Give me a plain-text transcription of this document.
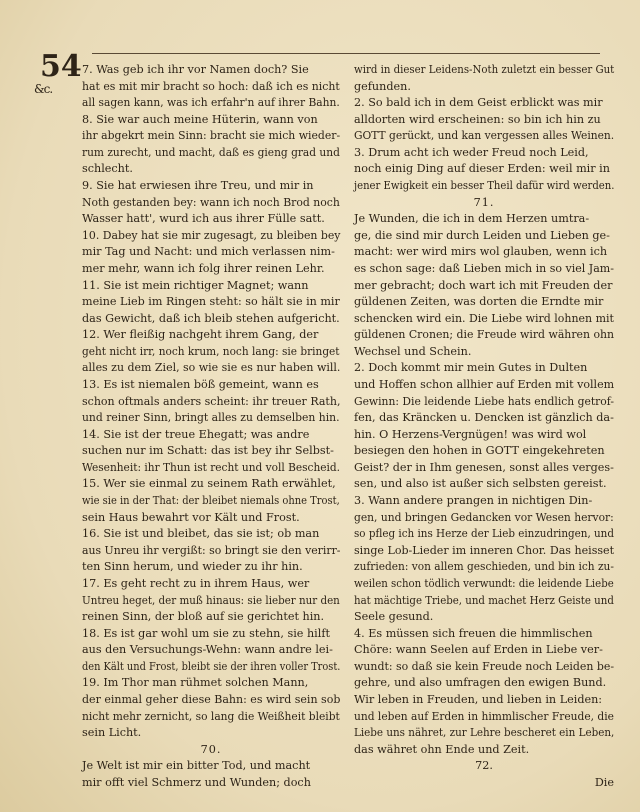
54
&c.
7. Was geb ich ihr vor Namen doch? Sie
hat es mit mir bracht so hoch: daß ich es nicht
all sagen kann, was ich erfahr'n auf ihrer Bahn.
8. Sie war auch meine Hüterin, wann von
ihr abgekrt mein Sinn: bracht sie mich wieder-
rum zurecht, und macht, daß es gieng grad und
schlecht.
9. Sie hat erwiesen ihre Treu, und mir in
Noth gestanden bey: wann ich noch Brod noch
Wasser hatt', wurd ich aus ihrer Fülle satt.
10. Dabey hat sie mir zugesagt, zu bleiben bey
mir Tag und Nacht: und mich verlassen nim-
mer mehr, wann ich folg ihrer reinen Lehr.
11. Sie ist mein richtiger Magnet; wann
meine Lieb im Ringen steht: so hält sie in mir
das Gewicht, daß ich bleib stehen aufgericht.
12. Wer fleißig nachgeht ihrem Gang, der
geht nicht irr, noch krum, noch lang: sie bringet
alles zu dem Ziel, so wie sie es nur haben will.
13. Es ist niemalen böß gemeint, wann es
schon oftmals anders scheint: ihr treuer Rath,
und reiner Sinn, bringt alles zu demselben hin.
14. Sie ist der treue Ehegatt; was andre
suchen nur im Schatt: das ist bey ihr Selbst-
Wesenheit: ihr Thun ist recht und voll Bescheid.
15. Wer sie einmal zu seinem Rath erwählet,
wie sie in der That: der bleibet niemals ohne Trost,
sein Haus bewahrt vor Kält und Frost.
16. Sie ist und bleibet, das sie ist; ob man
aus Unreu ihr vergißt: so bringt sie den verirr-
ten Sinn herum, und wieder zu ihr hin.
17. Es geht recht zu in ihrem Haus, wer
Untreu heget, der muß hinaus: sie lieber nur den
reinen Sinn, der bloß auf sie gerichtet hin.
18. Es ist gar wohl um sie zu stehn, sie hilft
aus den Versuchungs-Wehn: wann andre lei-
den Kält und Frost, bleibt sie der ihren voller Trost.
19. Im Thor man rühmet solchen Mann,
der einmal geher diese Bahn: es wird sein sob
nicht mehr zernicht, so lang die Weißheit bleibt
sein Licht.
70.
Je Welt ist mir ein bitter Tod, und macht
mir offt viel Schmerz und Wunden; doch
wird in dieser Leidens-Noth zuletzt ein besser Gut
gefunden.
2. So bald ich in dem Geist erblickt was mir
alldorten wird erscheinen: so bin ich hin zu
GOTT gerückt, und kan vergessen alles Weinen.
3. Drum acht ich weder Freud noch Leid,
noch einig Ding auf dieser Erden: weil mir in
jener Ewigkeit ein besser Theil dafür wird werden.
71.
Je Wunden, die ich in dem Herzen umtra-
ge, die sind mir durch Leiden und Lieben ge-
macht: wer wird mirs wol glauben, wenn ich
es schon sage: daß Lieben mich in so viel Jam-
mer gebracht; doch wart ich mit Freuden der
güldenen Zeiten, was dorten die Erndte mir
schencken wird ein. Die Liebe wird lohnen mit
güldenen Cronen; die Freude wird währen ohn
Wechsel und Schein.
2. Doch kommt mir mein Gutes in Dulten
und Hoffen schon allhier auf Erden mit vollem
Gewinn: Die leidende Liebe hats endlich getrof-
fen, das Kräncken u. Dencken ist gänzlich da-
hin. O Herzens-Vergnügen! was wird wol
besiegen den hohen in GOTT eingekehreten
Geist? der in Ihm genesen, sonst alles verges-
sen, und also ist außer sich selbsten gereist.
3. Wann andere prangen in nichtigen Din-
gen, und bringen Gedancken vor Wesen hervor:
so pfleg ich ins Herze der Lieb einzudringen, und
singe Lob-Lieder im inneren Chor. Das heisset
zufrieden: von allem geschieden, und bin ich zu-
weilen schon tödlich verwundt: die leidende Liebe
hat mächtige Triebe, und machet Herz Geiste und
Seele gesund.
4. Es müssen sich freuen die himmlischen
Chöre: wann Seelen auf Erden in Liebe ver-
wundt: so daß sie kein Freude noch Leiden be-
gehre, und also umfragen den ewigen Bund.
Wir leben in Freuden, und lieben in Leiden:
und leben auf Erden in himmlischer Freude, die
Liebe uns nähret, zur Lehre bescheret ein Leben,
das währet ohn Ende und Zeit.
72.
Die
